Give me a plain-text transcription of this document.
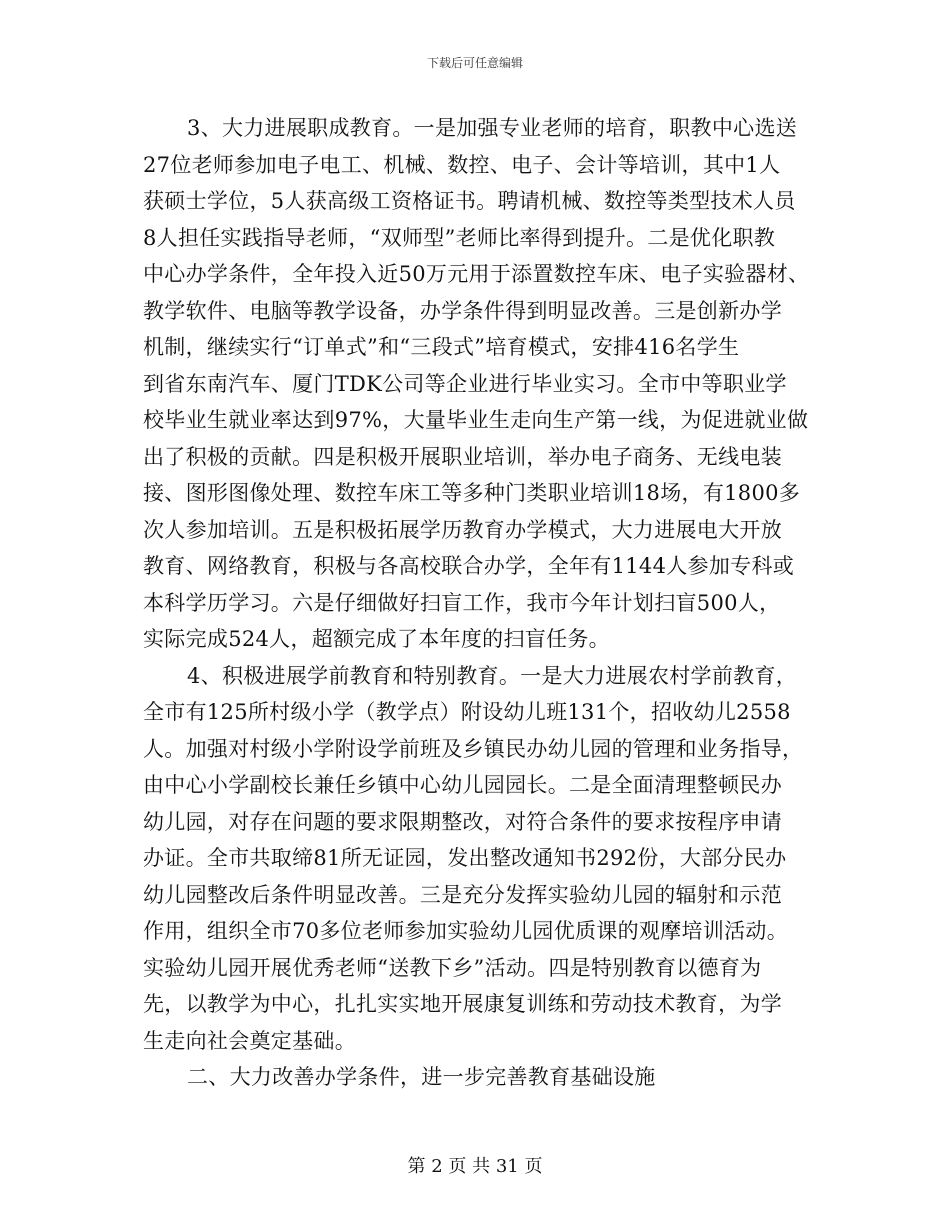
下载后可任意编辑
3、大力进展职成教育。一是加强专业老师的培育，职教中心选送
27位老师参加电子电工、机械、数控、电子、会计等培训，其中1人
获硕士学位，5人获高级工资格证书。聘请机械、数控等类型技术人员
8人担任实践指导老师，“双师型”老师比率得到提升。二是优化职教
中心办学条件，全年投入近50万元用于添置数控车床、电子实验器材、
教学软件、电脑等教学设备，办学条件得到明显改善。三是创新办学
机制，继续实行“订单式”和“三段式”培育模式，安排416名学生
到省东南汽车、厦门TDK公司等企业进行毕业实习。全市中等职业学
校毕业生就业率达到97%，大量毕业生走向生产第一线，为促进就业做
出了积极的贡献。四是积极开展职业培训，举办电子商务、无线电装
接、图形图像处理、数控车床工等多种门类职业培训18场，有1800多
次人参加培训。五是积极拓展学历教育办学模式，大力进展电大开放
教育、网络教育，积极与各高校联合办学，全年有1144人参加专科或
本科学历学习。六是仔细做好扫盲工作，我市今年计划扫盲500人，
实际完成524人，超额完成了本年度的扫盲任务。
4、积极进展学前教育和特别教育。一是大力进展农村学前教育，
全市有125所村级小学（教学点）附设幼儿班131个，招收幼儿2558
人。加强对村级小学附设学前班及乡镇民办幼儿园的管理和业务指导，
由中心小学副校长兼任乡镇中心幼儿园园长。二是全面清理整顿民办
幼儿园，对存在问题的要求限期整改，对符合条件的要求按程序申请
办证。全市共取缔81所无证园，发出整改通知书292份，大部分民办
幼儿园整改后条件明显改善。三是充分发挥实验幼儿园的辐射和示范
作用，组织全市70多位老师参加实验幼儿园优质课的观摩培训活动。
实验幼儿园开展优秀老师“送教下乡”活动。四是特别教育以德育为
先，以教学为中心，扎扎实实地开展康复训练和劳动技术教育，为学
生走向社会奠定基础。
二、大力改善办学条件，进一步完善教育基础设施
第 2 页 共 31 页
